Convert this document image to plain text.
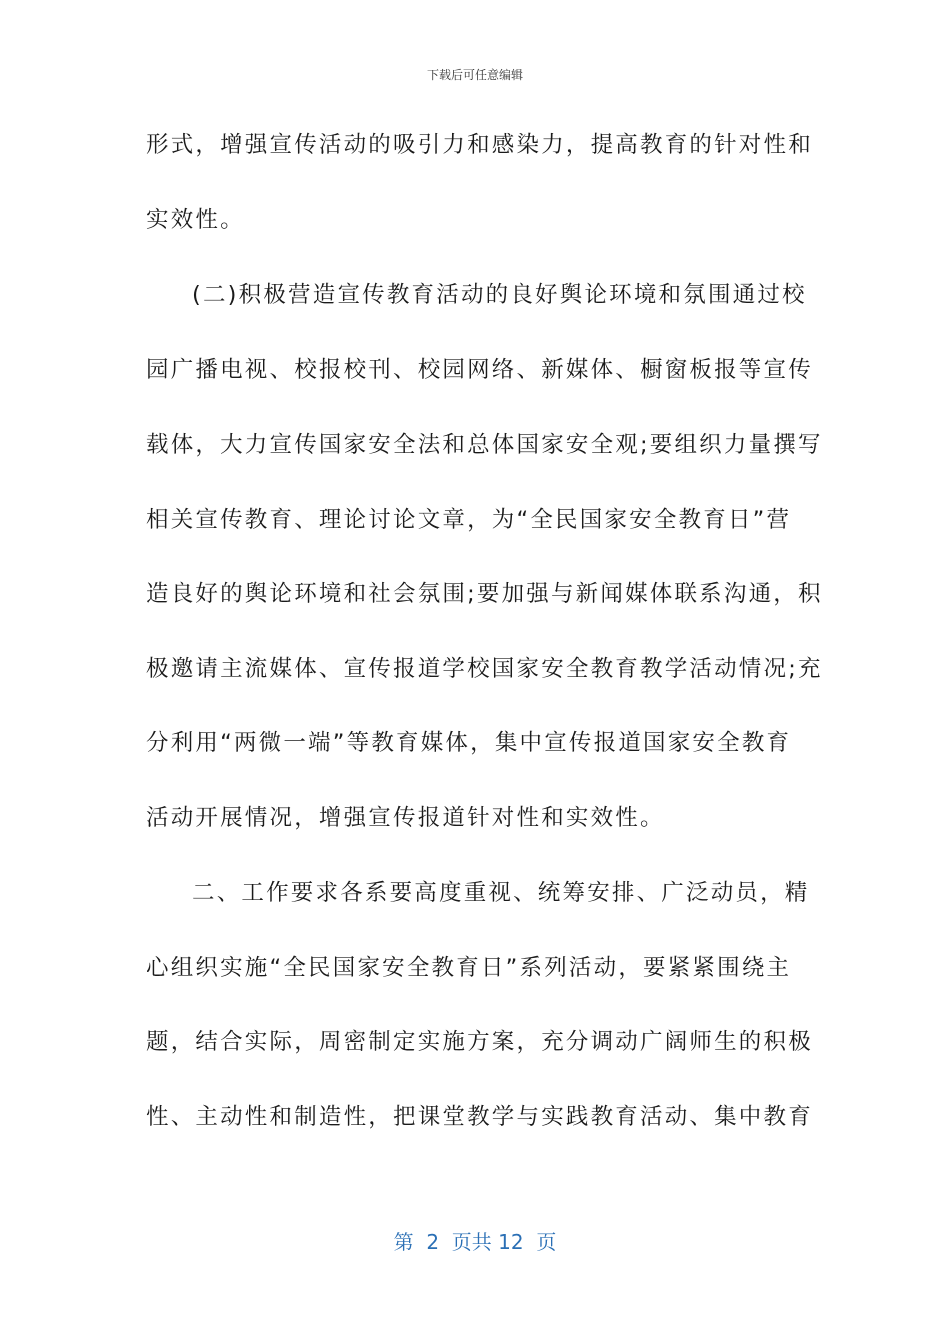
下载后可任意编辑
形式，增强宣传活动的吸引力和感染力，提高教育的针对性和
实效性。
(二)积极营造宣传教育活动的良好舆论环境和氛围通过校
园广播电视、校报校刊、校园网络、新媒体、橱窗板报等宣传
载体，大力宣传国家安全法和总体国家安全观;要组织力量撰写
相关宣传教育、理论讨论文章，为“全民国家安全教育日”营
造良好的舆论环境和社会氛围;要加强与新闻媒体联系沟通，积
极邀请主流媒体、宣传报道学校国家安全教育教学活动情况;充
分利用“两微一端”等教育媒体，集中宣传报道国家安全教育
活动开展情况，增强宣传报道针对性和实效性。
二、工作要求各系要高度重视、统筹安排、广泛动员，精
心组织实施“全民国家安全教育日”系列活动，要紧紧围绕主
题，结合实际，周密制定实施方案，充分调动广阔师生的积极
性、主动性和制造性，把课堂教学与实践教育活动、集中教育
第  2  页共 12  页
